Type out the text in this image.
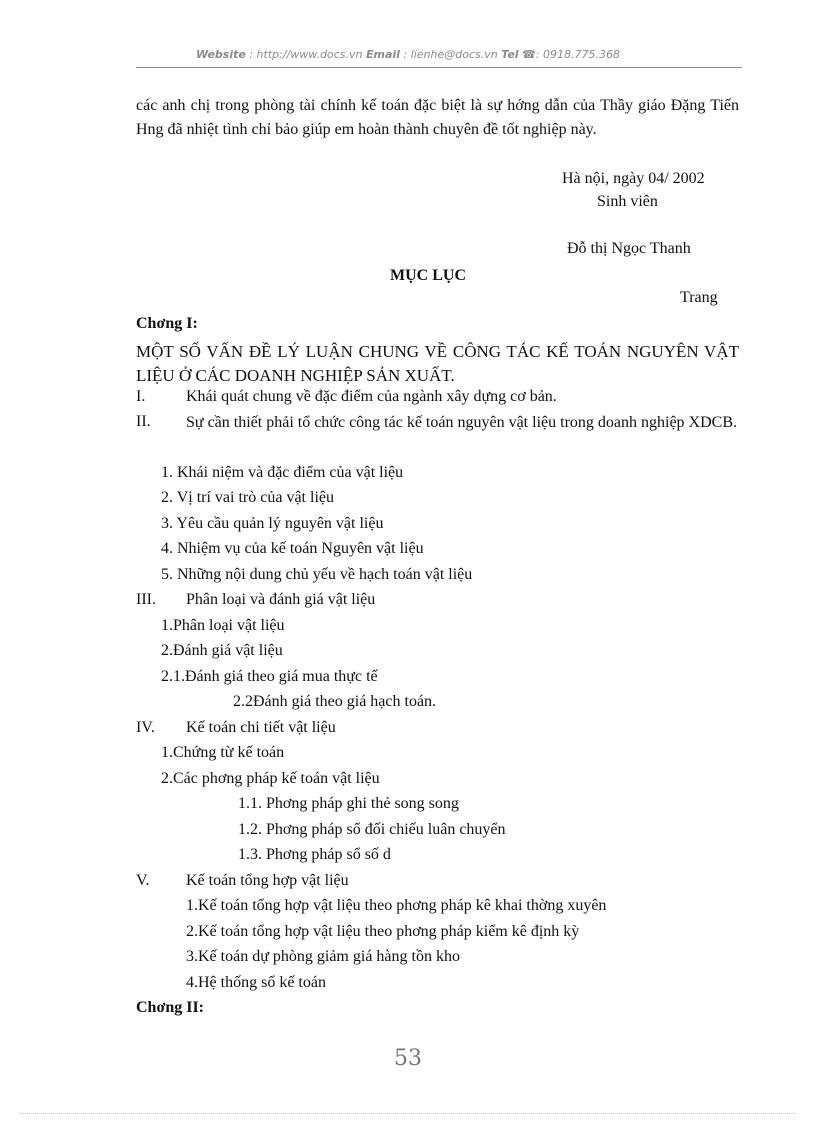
Website : http://www.docs.vn Email : lienhe@docs.vn Tel ☎: 0918.775.368
các anh chị trong phòng tài chính kế toán đặc biệt là sự hớng dẫn của Thầy giáo Đặng Tiến Hng đã nhiệt tình chỉ bảo giúp em hoàn thành chuyên đề tốt nghiệp này.
Hà nội, ngày 04/ 2002
Sinh viên
Đỗ thị Ngọc Thanh
MỤC LỤC
Trang
Chơng I:
MỘT SỐ VẤN ĐỀ LÝ LUẬN CHUNG VỀ CÔNG TÁC KẾ TOÁN NGUYÊN VẬT LIỆU Ở CÁC DOANH NGHIỆP SẢN XUẤT.
I.	Khái quát chung về đặc điểm của ngành xây dựng cơ bản.
II. Sự cần thiết phải tổ chức công tác kế toán nguyên vật liệu trong doanh nghiệp XDCB.
1. Khái niệm và đặc điểm của vật liệu
2. Vị trí vai trò của vật liệu
3. Yêu cầu quản lý nguyên vật liệu
4. Nhiệm vụ của kế toán Nguyên vật liệu
5. Những nội dung chủ yếu về hạch toán vật liệu
III. Phân loại và đánh giá vật liệu
1.Phân loại vật liệu
2.Đánh giá vật liệu
2.1.Đánh giá theo giá mua thực tế
2.2Đánh giá theo giá hạch toán.
IV. Kế toán chi tiết vật liệu
1.Chứng từ kế toán
2.Các phơng pháp kế toán vật liệu
1.1. Phơng pháp ghi thẻ song song
1.2. Phơng pháp sổ đối chiếu luân chuyển
1.3. Phơng pháp sổ số d
V. Kế toán tổng hợp vật liệu
1.Kế toán tổng hợp vật liệu theo phơng pháp kê khai thờng xuyên
2.Kế toán tổng hợp vật liệu theo phơng pháp kiểm kê định kỳ
3.Kế toán dự phòng giảm giá hàng tồn kho
4.Hệ thống sổ kế toán
Chơng II:
53
